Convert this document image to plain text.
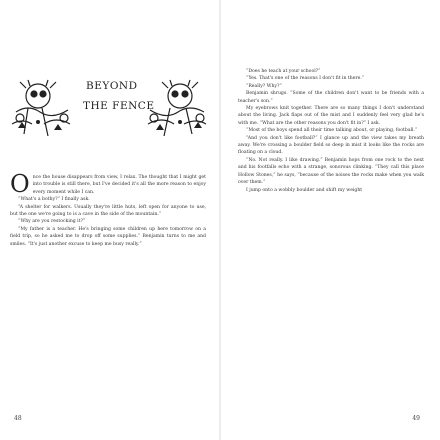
BEYOND
THE FENCE

Once the house disappears from view, I relax. The thought that I might get into trouble is still there, but I've decided it's all the more reason to enjoy every moment while I can.

“What's a bothy?” I finally ask.

“A shelter for walkers. Usually they're little huts, left open for anyone to use, but the one we're going to is a cave in the side of the mountain.”

“Why are you restocking it?”

“My father is a teacher. He's bringing some children up here tomorrow on a field trip, so he asked me to drop off some supplies.” Benjamin turns to me and smiles. “It's just another excuse to keep me busy really.”

48	49

“Does he teach at your school?”

“Yes. That's one of the reasons I don't fit in there.”

“Really? Why?”

Benjamin shrugs. “Some of the children don't want to be friends with a teacher's son.”

My eyebrows knit together. There are so many things I don't understand about the living. Jack flaps out of the mist and I suddenly feel very glad he's with me. “What are the other reasons you don't fit in?” I ask.

“Most of the boys spend all their time talking about, or playing, football.”

“And you don't like football?” I glance up and the view takes my breath away. We're crossing a boulder field so deep in mist it looks like the rocks are floating on a cloud.

“No. Not really. I like drawing.” Benjamin hops from one rock to the next and his footfalls echo with a strange, sonorous clinking. “They call this place Hollow Stones,” he says, “because of the noises the rocks make when you walk over them.”

I jump onto a wobbly boulder and shift my weight
